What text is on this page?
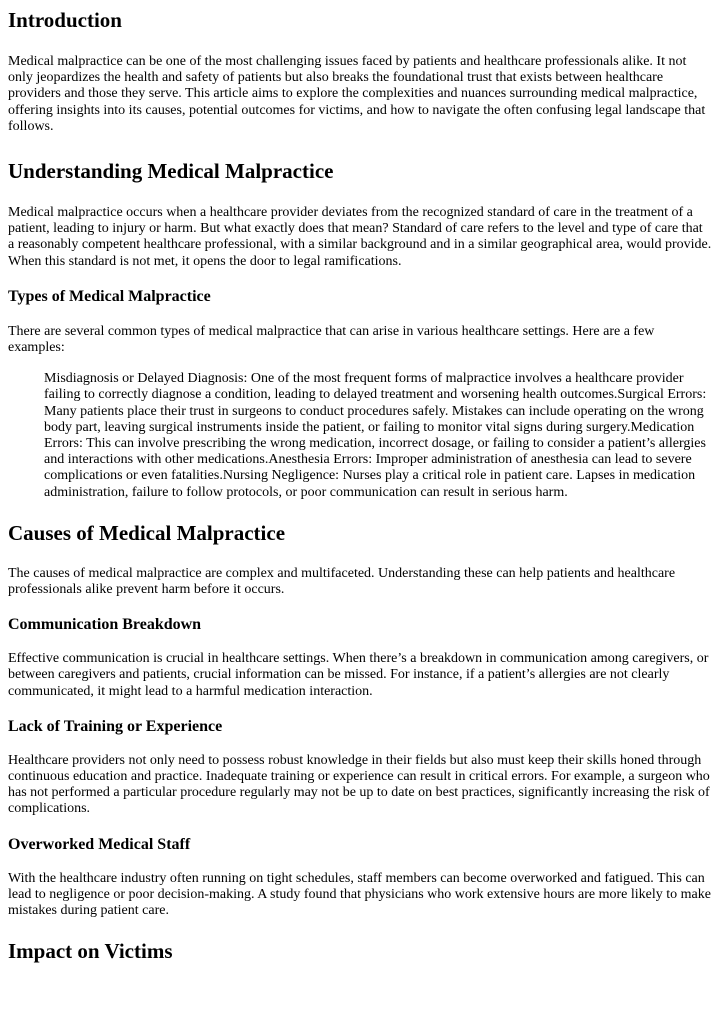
Introduction

Medical malpractice can be one of the most challenging issues faced by patients and healthcare professionals alike. It not only jeopardizes the health and safety of patients but also breaks the foundational trust that exists between healthcare providers and those they serve. This article aims to explore the complexities and nuances surrounding medical malpractice, offering insights into its causes, potential outcomes for victims, and how to navigate the often confusing legal landscape that follows.

Understanding Medical Malpractice

Medical malpractice occurs when a healthcare provider deviates from the recognized standard of care in the treatment of a patient, leading to injury or harm. But what exactly does that mean? Standard of care refers to the level and type of care that a reasonably competent healthcare professional, with a similar background and in a similar geographical area, would provide. When this standard is not met, it opens the door to legal ramifications.

Types of Medical Malpractice

There are several common types of medical malpractice that can arise in various healthcare settings. Here are a few examples:

Misdiagnosis or Delayed Diagnosis: One of the most frequent forms of malpractice involves a healthcare provider failing to correctly diagnose a condition, leading to delayed treatment and worsening health outcomes.Surgical Errors: Many patients place their trust in surgeons to conduct procedures safely. Mistakes can include operating on the wrong body part, leaving surgical instruments inside the patient, or failing to monitor vital signs during surgery.Medication Errors: This can involve prescribing the wrong medication, incorrect dosage, or failing to consider a patient’s allergies and interactions with other medications.Anesthesia Errors: Improper administration of anesthesia can lead to severe complications or even fatalities.Nursing Negligence: Nurses play a critical role in patient care. Lapses in medication administration, failure to follow protocols, or poor communication can result in serious harm.
Causes of Medical Malpractice

The causes of medical malpractice are complex and multifaceted. Understanding these can help patients and healthcare professionals alike prevent harm before it occurs.

Communication Breakdown

Effective communication is crucial in healthcare settings. When there’s a breakdown in communication among caregivers, or between caregivers and patients, crucial information can be missed. For instance, if a patient’s allergies are not clearly communicated, it might lead to a harmful medication interaction.

Lack of Training or Experience

Healthcare providers not only need to possess robust knowledge in their fields but also must keep their skills honed through continuous education and practice. Inadequate training or experience can result in critical errors. For example, a surgeon who has not performed a particular procedure regularly may not be up to date on best practices, significantly increasing the risk of complications.

Overworked Medical Staff

With the healthcare industry often running on tight schedules, staff members can become overworked and fatigued. This can lead to negligence or poor decision-making. A study found that physicians who work extensive hours are more likely to make mistakes during patient care.

Impact on Victims
